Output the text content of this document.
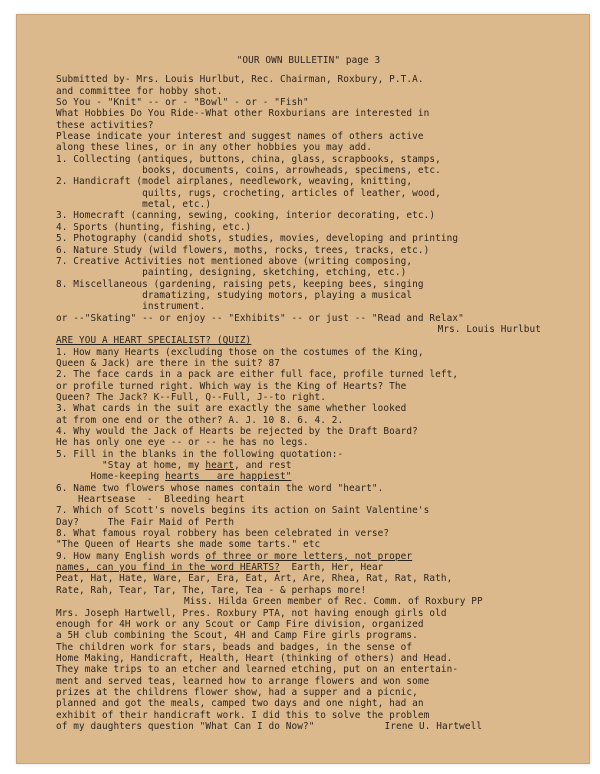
"OUR OWN BULLETIN" page 3
Submitted by- Mrs. Louis Hurlbut, Rec. Chairman, Roxbury, P.T.A.
and committee for hobby shot.
So You - "Knit" -- or - "Bowl" - or - "Fish"
What Hobbies Do You Ride--What other Roxburians are interested in
these activities?
Please indicate your interest and suggest names of others active
along these lines, or in any other hobbies you may add.
1. Collecting (antiques, buttons, china, glass, scrapbooks, stamps,
books, documents, coins, arrowheads, specimens, etc.
2. Handicraft (model airplanes, needlework, weaving, knitting,
quilts, rugs, crocheting, articles of leather, wood,
metal, etc.)
3. Homecraft (canning, sewing, cooking, interior decorating, etc.)
4. Sports (hunting, fishing, etc.)
5. Photography (candid shots, studies, movies, developing and printing
6. Nature Study (wild flowers, moths, rocks, trees, tracks, etc.)
7. Creative Activities not mentioned above (writing composing,
painting, designing, sketching, etching, etc.)
8. Miscellaneous (gardening, raising pets, keeping bees, singing
dramatizing, studying motors, playing a musical
instrument.
or --"Skating" -- or enjoy -- "Exhibits" -- or just -- "Read and Relax"
Mrs. Louis Hurlbut
ARE YOU A HEART SPECIALIST? (QUIZ)
1. How many Hearts (excluding those on the costumes of the King,
Queen & Jack) are there in the suit? 87
2. The face cards in a pack are either full face, profile turned left,
or profile turned right. Which way is the King of Hearts? The
Queen? The Jack? K--Full, Q--Full, J--to right.
3. What cards in the suit are exactly the same whether looked
at from one end or the other? A. J. 10 8. 6. 4. 2.
4. Why would the Jack of Hearts be rejected by the Draft Board?
He has only one eye -- or -- he has no legs.
5. Fill in the blanks in the following quotation:-
"Stay at home, my heart, and rest
Home-keeping hearts   are happiest"
6. Name two flowers whose names contain the word "heart".
Heartsease  -  Bleeding heart
7. Which of Scott's novels begins its action on Saint Valentine's
Day?     The Fair Maid of Perth
8. What famous royal robbery has been celebrated in verse?
"The Queen of Hearts she made some tarts." etc
9. How many English words of three or more letters, not proper
names, can you find in the word HEARTS?  Earth, Her, Hear
Peat, Hat, Hate, Ware, Ear, Era, Eat, Art, Are, Rhea, Rat, Rat, Rath,
Rate, Rah, Tear, Tar, The, Tare, Tea - & perhaps more!
Miss. Hilda Green member of Rec. Comm. of Roxbury PP
Mrs. Joseph Hartwell, Pres. Roxbury PTA, not having enough girls old
enough for 4H work or any Scout or Camp Fire division, organized
a 5H club combining the Scout, 4H and Camp Fire girls programs.
The children work for stars, beads and badges, in the sense of
Home Making, Handicraft, Health, Heart (thinking of others) and Head.
They make trips to an etcher and learned etching, put on an entertain-
ment and served teas, learned how to arrange flowers and won some
prizes at the childrens flower show, had a supper and a picnic,
planned and got the meals, camped two days and one night, had an
exhibit of their handicraft work. I did this to solve the problem
of my daughters question "What Can I do Now?"	Irene U. Hartwell
